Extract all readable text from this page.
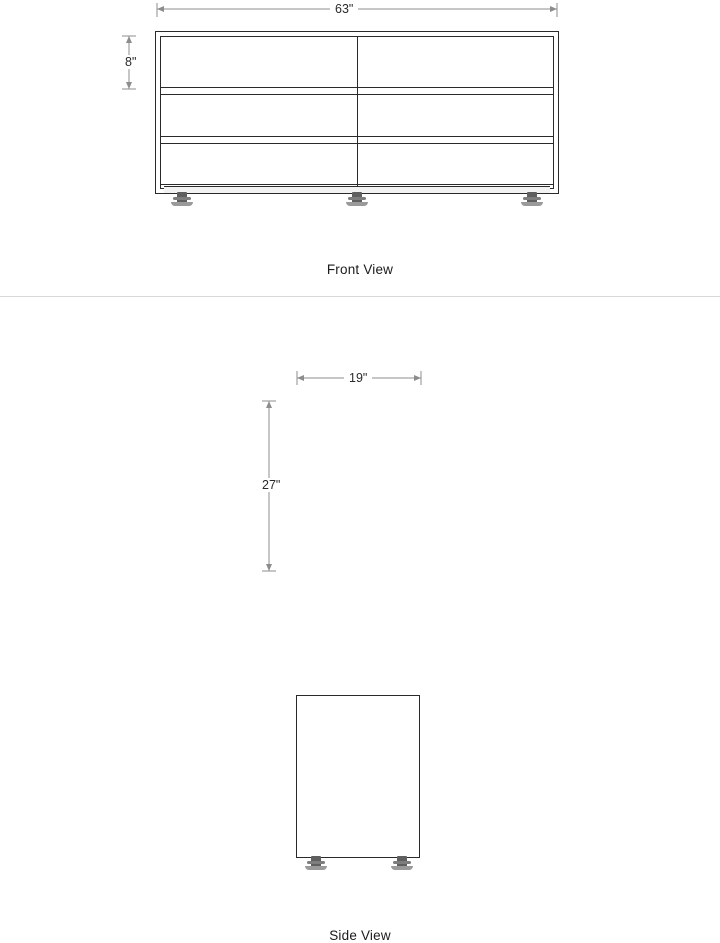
Front View
Side View
63"
8"
19"
27"
